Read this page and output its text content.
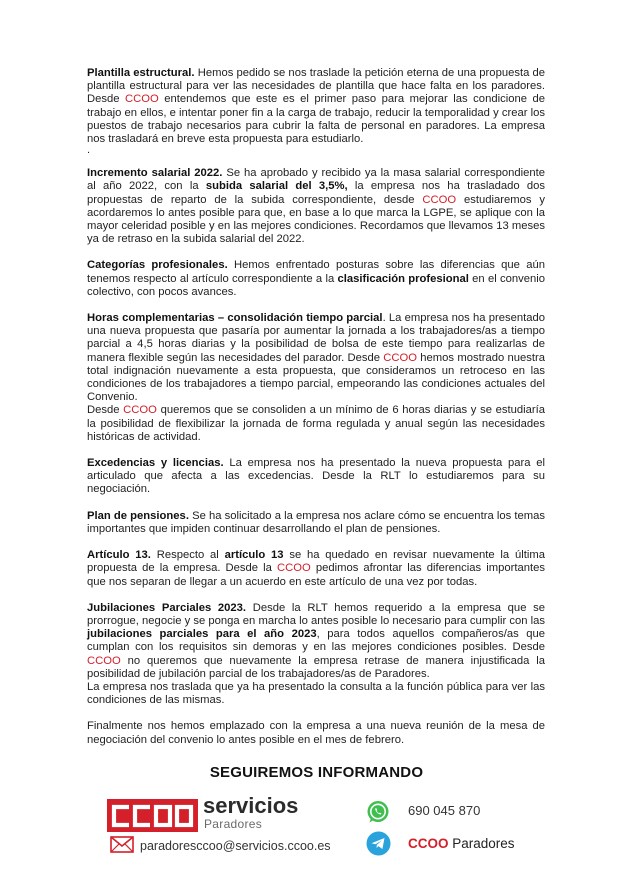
Plantilla estructural. Hemos pedido se nos traslade la petición eterna de una propuesta de plantilla estructural para ver las necesidades de plantilla que hace falta en los paradores. Desde CCOO entendemos que este es el primer paso para mejorar las condicione de trabajo en ellos, e intentar poner fin a la carga de trabajo, reducir la temporalidad y crear los puestos de trabajo necesarios para cubrir la falta de personal en paradores. La empresa nos trasladará en breve esta propuesta para estudiarlo.

.

Incremento salarial 2022. Se ha aprobado y recibido ya la masa salarial correspondiente al año 2022, con la subida salarial del 3,5%, la empresa nos ha trasladado dos propuestas de reparto de la subida correspondiente, desde CCOO estudiaremos y acordaremos lo antes posible para que, en base a lo que marca la LGPE, se aplique con la mayor celeridad posible y en las mejores condiciones. Recordamos que llevamos 13 meses ya de retraso en la subida salarial del 2022.

Categorías profesionales. Hemos enfrentado posturas sobre las diferencias que aún tenemos respecto al artículo correspondiente a la clasificación profesional en el convenio colectivo, con pocos avances.

Horas complementarias – consolidación tiempo parcial. La empresa nos ha presentado una nueva propuesta que pasaría por aumentar la jornada a los trabajadores/as a tiempo parcial a 4,5 horas diarias y la posibilidad de bolsa de este tiempo para realizarlas de manera flexible según las necesidades del parador. Desde CCOO hemos mostrado nuestra total indignación nuevamente a esta propuesta, que consideramos un retroceso en las condiciones de los trabajadores a tiempo parcial, empeorando las condiciones actuales del Convenio.
Desde CCOO queremos que se consoliden a un mínimo de 6 horas diarias y se estudiaría la posibilidad de flexibilizar la jornada de forma regulada y anual según las necesidades históricas de actividad.

Excedencias y licencias. La empresa nos ha presentado la nueva propuesta para el articulado que afecta a las excedencias. Desde la RLT lo estudiaremos para su negociación.

Plan de pensiones. Se ha solicitado a la empresa nos aclare cómo se encuentra los temas importantes que impiden continuar desarrollando el plan de pensiones.

Artículo 13. Respecto al artículo 13 se ha quedado en revisar nuevamente la última propuesta de la empresa. Desde la CCOO pedimos afrontar las diferencias importantes que nos separan de llegar a un acuerdo en este artículo de una vez por todas.

Jubilaciones Parciales 2023. Desde la RLT hemos requerido a la empresa que se prorrogue, negocie y se ponga en marcha lo antes posible lo necesario para cumplir con las jubilaciones parciales para el año 2023, para todos aquellos compañeros/as que cumplan con los requisitos sin demoras y en las mejores condiciones posibles. Desde CCOO no queremos que nuevamente la empresa retrase de manera injustificada la posibilidad de jubilación parcial de los trabajadores/as de Paradores.
La empresa nos traslada que ya ha presentado la consulta a la función pública para ver las condiciones de las mismas.

Finalmente nos hemos emplazado con la empresa a una nueva reunión de la mesa de negociación del convenio lo antes posible en el mes de febrero.

SEGUIREMOS INFORMANDO
servicios
Paradores
paradoresccoo@servicios.ccoo.es
690 045 870
CCOO Paradores
